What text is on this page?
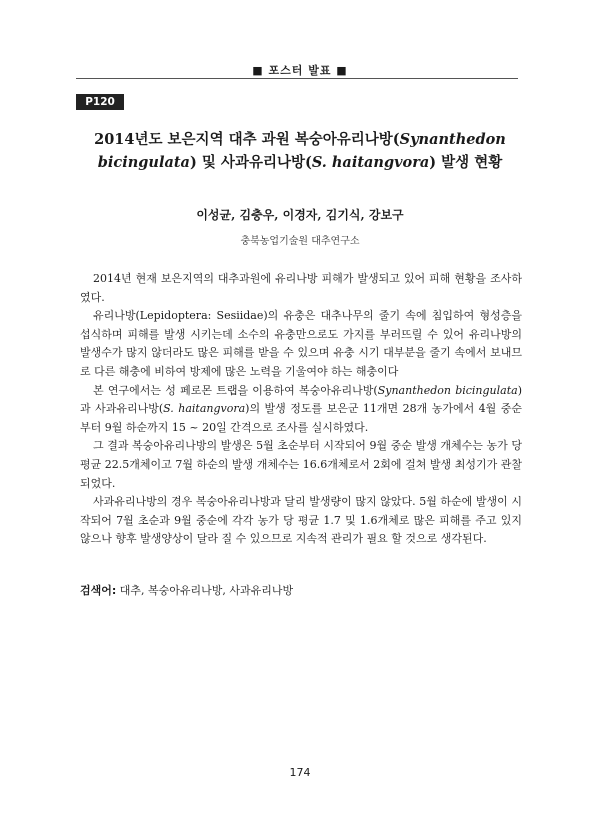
■ 포스터 발표 ■
P120
2014년도 보은지역 대추 과원 복숭아유리나방(Synanthedon
bicingulata) 및 사과유리나방(S. haitangvora) 발생 현황
이성균, 김충우, 이경자, 김기식, 강보구
충북농업기술원 대추연구소

2014년 현재 보은지역의 대추과원에 유리나방 피해가 발생되고 있어 피해 현황을 조사하였다.

유리나방(Lepidoptera: Sesiidae)의 유충은 대추나무의 줄기 속에 침입하여 형성층을 섭식하며 피해를 발생 시키는데 소수의 유충만으로도 가지를 부러뜨릴 수 있어 유리나방의 발생수가 많지 않더라도 많은 피해를 받을 수 있으며 유충 시기 대부분을 줄기 속에서 보내므로 다른 해충에 비하여 방제에 많은 노력을 기울여야 하는 해충이다

본 연구에서는 성 페로몬 트랩을 이용하여 복숭아유리나방(Synanthedon bicingulata)과 사과유리나방(S. haitangvora)의 발생 정도를 보은군 11개면 28개 농가에서 4월 중순부터 9월 하순까지 15 ~ 20일 간격으로 조사를 실시하였다.

그 결과 복숭아유리나방의 발생은 5월 초순부터 시작되어 9월 중순 발생 개체수는 농가 당 평균 22.5개체이고 7월 하순의 발생 개체수는 16.6개체로서 2회에 걸쳐 발생 최성기가 관찰 되었다.

사과유리나방의 경우 복숭아유리나방과 달리 발생량이 많지 않았다. 5월 하순에 발생이 시작되어 7월 초순과 9월 중순에 각각 농가 당 평균 1.7 및 1.6개체로 많은 피해를 주고 있지 않으나 향후 발생양상이 달라 질 수 있으므로 지속적 관리가 필요 할 것으로 생각된다.

검색어: 대추, 복숭아유리나방, 사과유리나방
174
